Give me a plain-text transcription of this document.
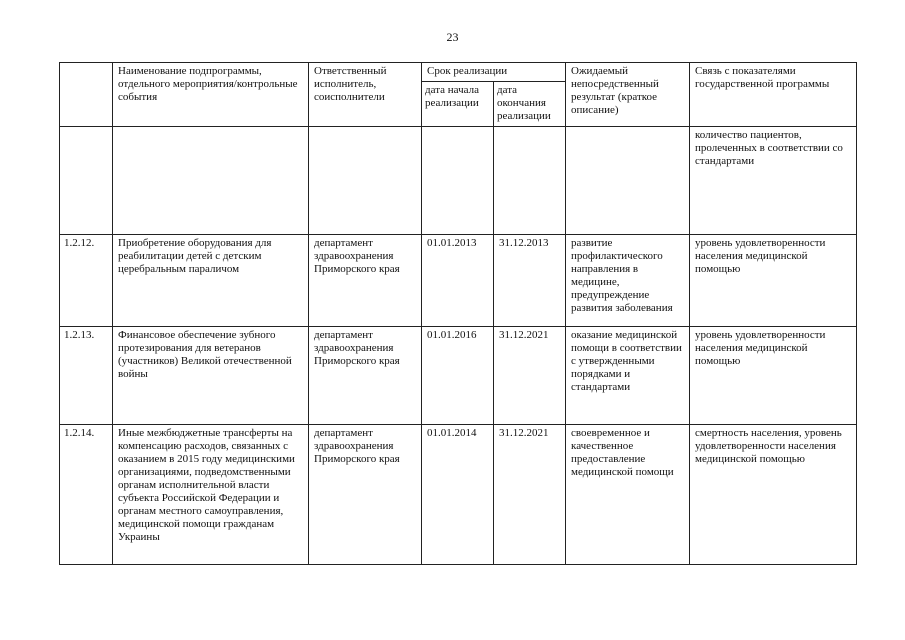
23
	Наименование подпрограммы, отдельного мероприятия/контрольные события	Ответственный исполнитель, соисполнители	Срок реализации		Ожидаемый непосредственный результат (краткое описание)	Связь с показателями государственной программы
			дата начала реализации	дата окончания реализации		
						количество пациентов, пролеченных в соответствии со стандартами
1.2.12.	Приобретение оборудования для реабилитации детей с детским церебральным параличом	департамент здравоохранения Приморского края	01.01.2013	31.12.2013	развитие профилактического направления в медицине, предупреждение развития заболевания	уровень удовлетворенности населения медицинской помощью
1.2.13.	Финансовое обеспечение зубного протезирования для ветеранов (участников) Великой отечественной войны	департамент здравоохранения Приморского края	01.01.2016	31.12.2021	оказание медицинской помощи в соответствии с утвержденными порядками и стандартами	уровень удовлетворенности населения медицинской помощью
1.2.14.	Иные межбюджетные трансферты на компенсацию расходов, связанных с оказанием в 2015 году медицинскими организациями, подведомственными органам исполнительной власти субъекта Российской Федерации и органам местного самоуправления, медицинской помощи гражданам Украины	департамент здравоохранения Приморского края	01.01.2014	31.12.2021	своевременное и качественное предоставление медицинской помощи	смертность населения, уровень удовлетворенности населения медицинской помощью
